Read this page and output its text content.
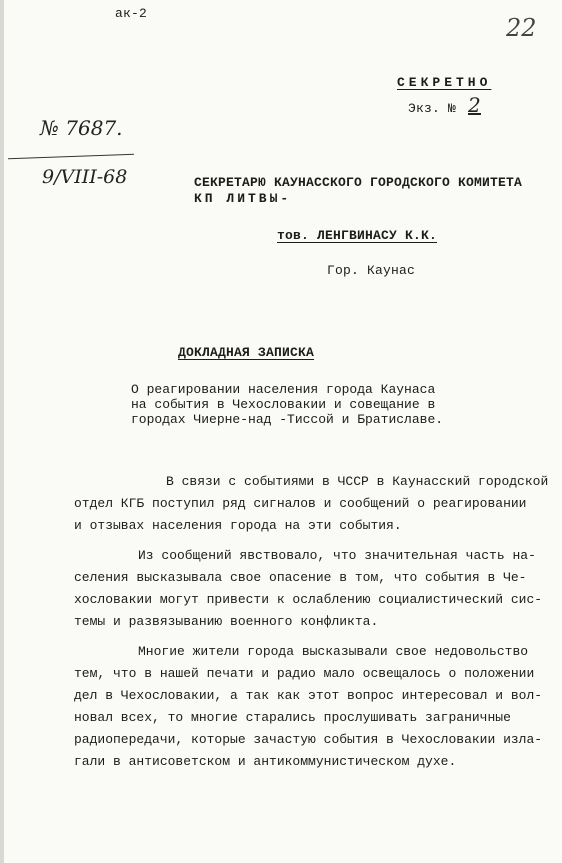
ак-2
22
СЕКРЕТНО
Экз. № 2
№ 7687.
9/VIII-68	СЕКРЕТАРЮ КАУНАССКОГО ГОРОДСКОГО КОМИТЕТА
КП ЛИТВЫ-
тов. ЛЕНГВИНАСУ К.К.
Гор. Каунас
ДОКЛАДНАЯ ЗАПИСКА
О реагировании населения города Каунаса
на события в Чехословакии и совещание в
городах Чиерне-над -Тиссой и Братиславе.
В связи с событиями в ЧССР в Каунасский городской
отдел КГБ поступил ряд сигналов и сообщений о реагировании
и отзывах населения города на эти события.
Из сообщений явствовало, что значительная часть на-
селения высказывала свое опасение в том, что события в Че-
хословакии могут привести к ослаблению социалистический сис-
темы и развязыванию военного конфликта.
Многие жители города высказывали свое недовольство
тем, что в нашей печати и радио мало освещалось о положении
дел в Чехословакии, а так как этот вопрос интересовал и вол-
новал всех, то многие старались прослушивать заграничные
радиопередачи, которые зачастую события в Чехословакии изла-
гали в антисоветском и антикоммунистическом духе.
